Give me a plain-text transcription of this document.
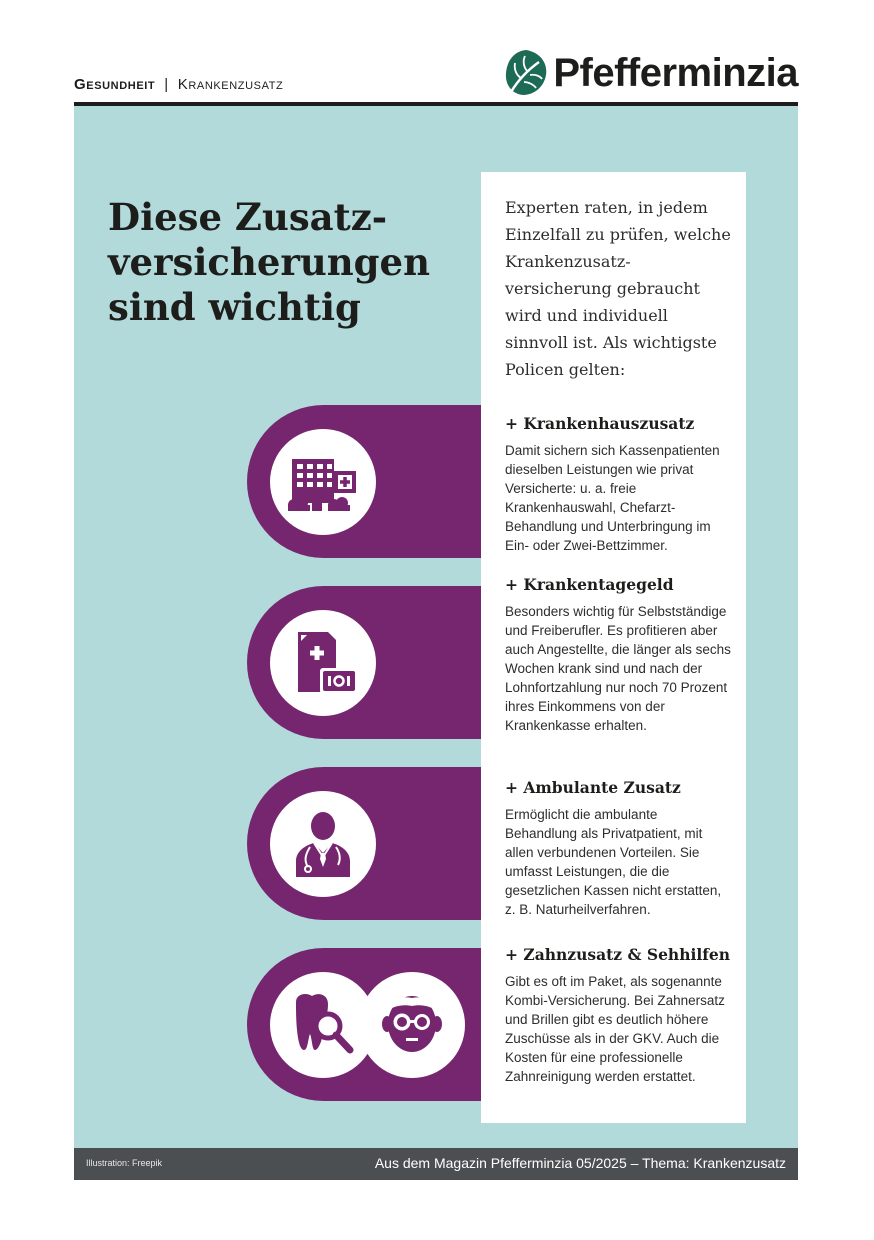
Gesundheit | Krankenzusatz	Pfefferminzia
Diese Zusatz-versicherungen sind wichtig

Experten raten, in jedem Einzelfall zu prüfen, welche Krankenzusatz-versicherung gebraucht wird und individuell sinnvoll ist. Als wichtigste Policen gelten:

+ Krankenhauszusatz

Damit sichern sich Kassenpatienten dieselben Leistungen wie privat Versicherte: u. a. freie Krankenhauswahl, Chefarzt-Behandlung und Unterbringung im Ein- oder Zwei-Bettzimmer.

+ Krankentagegeld

Besonders wichtig für Selbstständige und Freiberufler. Es profitieren aber auch Angestellte, die länger als sechs Wochen krank sind und nach der Lohnfortzahlung nur noch 70 Prozent ihres Einkommens von der Krankenkasse erhalten.

+ Ambulante Zusatz

Ermöglicht die ambulante Behandlung als Privatpatient, mit allen verbundenen Vorteilen. Sie umfasst Leistungen, die die gesetzlichen Kassen nicht erstatten, z. B. Naturheilverfahren.

+ Zahnzusatz & Sehhilfen

Gibt es oft im Paket, als sogenannte Kombi-Versicherung. Bei Zahnersatz und Brillen gibt es deutlich höhere Zuschüsse als in der GKV. Auch die Kosten für eine professionelle Zahnreinigung werden erstattet.

Illustration: Freepik	Aus dem Magazin Pfefferminzia 05/2025 – Thema: Krankenzusatz
